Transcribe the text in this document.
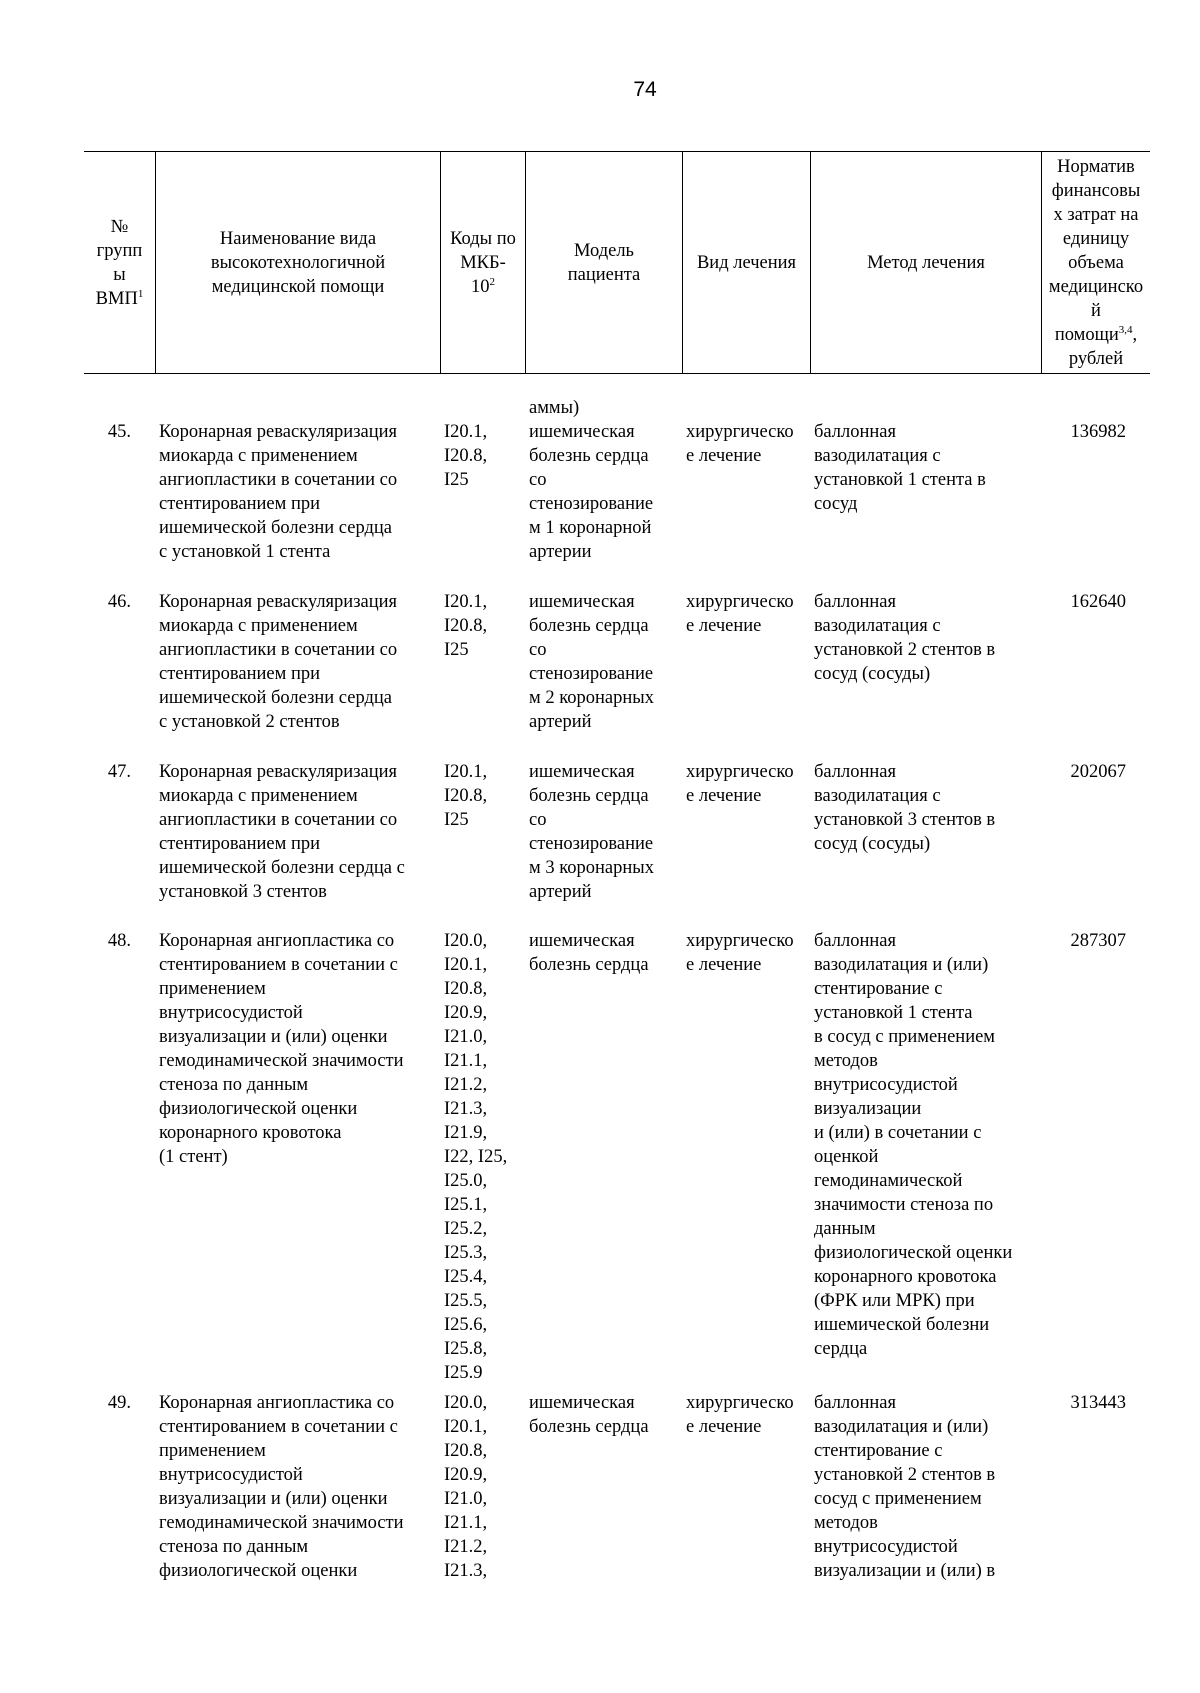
74
№
групп
ы
ВМП$^1$
Наименование вида
высокотехнологичной
медицинской помощи
Коды по
МКБ-
$10^2$
Модель
пациента
Вид лечения	Метод лечения
Норматив
финансовы
х затрат на
единицу
объема
медицинско
й
помощи$^{3,4}$,
рублей
аммы)
45. Коронарная реваскуляризация
миокарда с применением
ангиопластики в сочетании со
стентированием при
ишемической болезни сердца
с установкой 1 стента
I20.1,
I20.8,
I25
ишемическая
болезнь сердца
со
стенозирование
м 1 коронарной
артерии
хирургическо
е лечение
баллонная
вазодилатация с
установкой 1 стента в
сосуд
136982
46. Коронарная реваскуляризация
миокарда с применением
ангиопластики в сочетании со
стентированием при
ишемической болезни сердца
с установкой 2 стентов
I20.1,
I20.8,
I25
ишемическая
болезнь сердца
со
стенозирование
м 2 коронарных
артерий
хирургическо
е лечение
баллонная
вазодилатация с
установкой 2 стентов в
сосуд (сосуды)
162640
47. Коронарная реваскуляризация
миокарда с применением
ангиопластики в сочетании со
стентированием при
ишемической болезни сердца с
установкой 3 стентов
I20.1,
I20.8,
I25
ишемическая
болезнь сердца
со
стенозирование
м 3 коронарных
артерий
хирургическо
е лечение
баллонная
вазодилатация с
установкой 3 стентов в
сосуд (сосуды)
202067
48. Коронарная ангиопластика со
стентированием в сочетании с
применением
внутрисосудистой
визуализации и (или) оценки
гемодинамической значимости
стеноза по данным
физиологической оценки
коронарного кровотока
(1 стент)
I20.0,
I20.1,
I20.8,
I20.9,
I21.0,
I21.1,
I21.2,
I21.3,
I21.9,
I22, I25,
I25.0,
I25.1,
I25.2,
I25.3,
I25.4,
I25.5,
I25.6,
I25.8,
I25.9
ишемическая
болезнь сердца
хирургическо
е лечение
баллонная
вазодилатация и (или)
стентирование с
установкой 1 стента
в сосуд с применением
методов
внутрисосудистой
визуализации
и (или) в сочетании с
оценкой
гемодинамической
значимости стеноза по
данным
физиологической оценки
коронарного кровотока
(ФРК или МРК) при
ишемической болезни
сердца
287307
49. Коронарная ангиопластика со
стентированием в сочетании с
применением
внутрисосудистой
визуализации и (или) оценки
гемодинамической значимости
стеноза по данным
физиологической оценки
I20.0,
I20.1,
I20.8,
I20.9,
I21.0,
I21.1,
I21.2,
I21.3,
ишемическая
болезнь сердца
хирургическо
е лечение
баллонная
вазодилатация и (или)
стентирование с
установкой 2 стентов в
сосуд с применением
методов
внутрисосудистой
визуализации и (или) в
313443
